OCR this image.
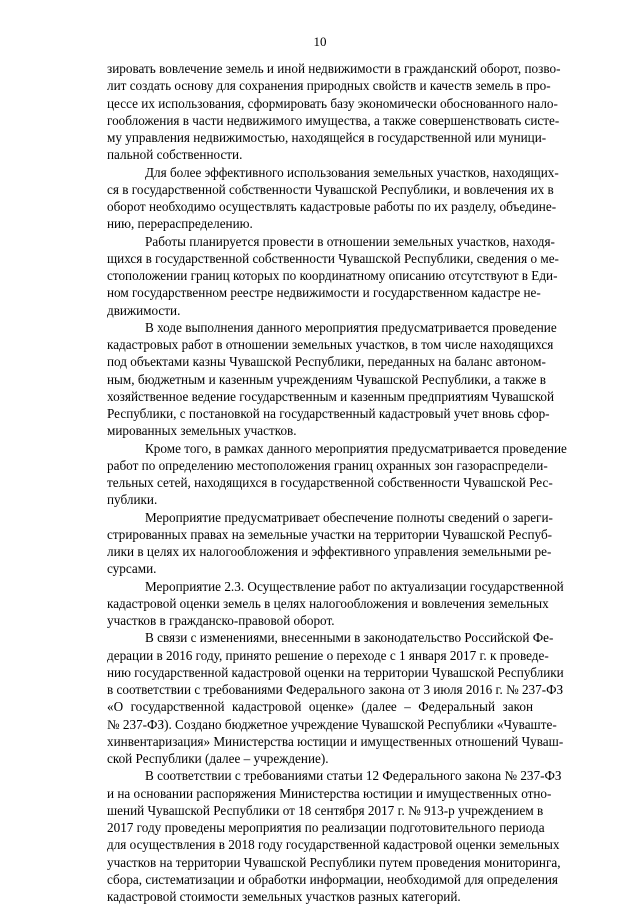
10
зировать вовлечение земель и иной недвижимости в гражданский оборот, позво-
лит создать основу для сохранения природных свойств и качеств земель в про-
цессе их использования, сформировать базу экономически обоснованного нало-
гообложения в части недвижимого имущества, а также совершенствовать систе-
му управления недвижимостью, находящейся в государственной или муници-
пальной собственности.
Для более эффективного использования земельных участков, находящих-
ся в государственной собственности Чувашской Республики, и вовлечения их в
оборот необходимо осуществлять кадастровые работы по их разделу, объедине-
нию, перераспределению.
Работы планируется провести в отношении земельных участков, находя-
щихся в государственной собственности Чувашской Республики, сведения о ме-
стоположении границ которых по координатному описанию отсутствуют в Еди-
ном государственном реестре недвижимости и государственном кадастре не-
движимости.
В ходе выполнения данного мероприятия предусматривается проведение
кадастровых работ в отношении земельных участков, в том числе находящихся
под объектами казны Чувашской Республики, переданных на баланс автоном-
ным, бюджетным и казенным учреждениям Чувашской Республики, а также в
хозяйственное ведение государственным и казенным предприятиям Чувашской
Республики, с постановкой на государственный кадастровый учет вновь сфор-
мированных земельных участков.
Кроме того, в рамках данного мероприятия предусматривается проведение
работ по определению местоположения границ охранных зон газораспредели-
тельных сетей, находящихся в государственной собственности Чувашской Рес-
публики.
Мероприятие предусматривает обеспечение полноты сведений о зареги-
стрированных правах на земельные участки на территории Чувашской Респуб-
лики в целях их налогообложения и эффективного управления земельными ре-
сурсами.
Мероприятие 2.3. Осуществление работ по актуализации государственной
кадастровой оценки земель в целях налогообложения и вовлечения земельных
участков в гражданско-правовой оборот.
В связи с изменениями, внесенными в законодательство Российской Фе-
дерации в 2016 году, принято решение о переходе с 1 января 2017 г. к проведе-
нию государственной кадастровой оценки на территории Чувашской Республики
в соответствии с требованиями Федерального закона от 3 июля 2016 г. № 237-ФЗ
«О государственной кадастровой оценке» (далее – Федеральный закон
№ 237-ФЗ). Создано бюджетное учреждение Чувашской Республики «Чуваште-
хинвентаризация» Министерства юстиции и имущественных отношений Чуваш-
ской Республики (далее – учреждение).
В соответствии с требованиями статьи 12 Федерального закона № 237-ФЗ
и на основании распоряжения Министерства юстиции и имущественных отно-
шений Чувашской Республики от 18 сентября 2017 г. № 913-р учреждением в
2017 году проведены мероприятия по реализации подготовительного периода
для осуществления в 2018 году государственной кадастровой оценки земельных
участков на территории Чувашской Республики путем проведения мониторинга,
сбора, систематизации и обработки информации, необходимой для определения
кадастровой стоимости земельных участков разных категорий.
